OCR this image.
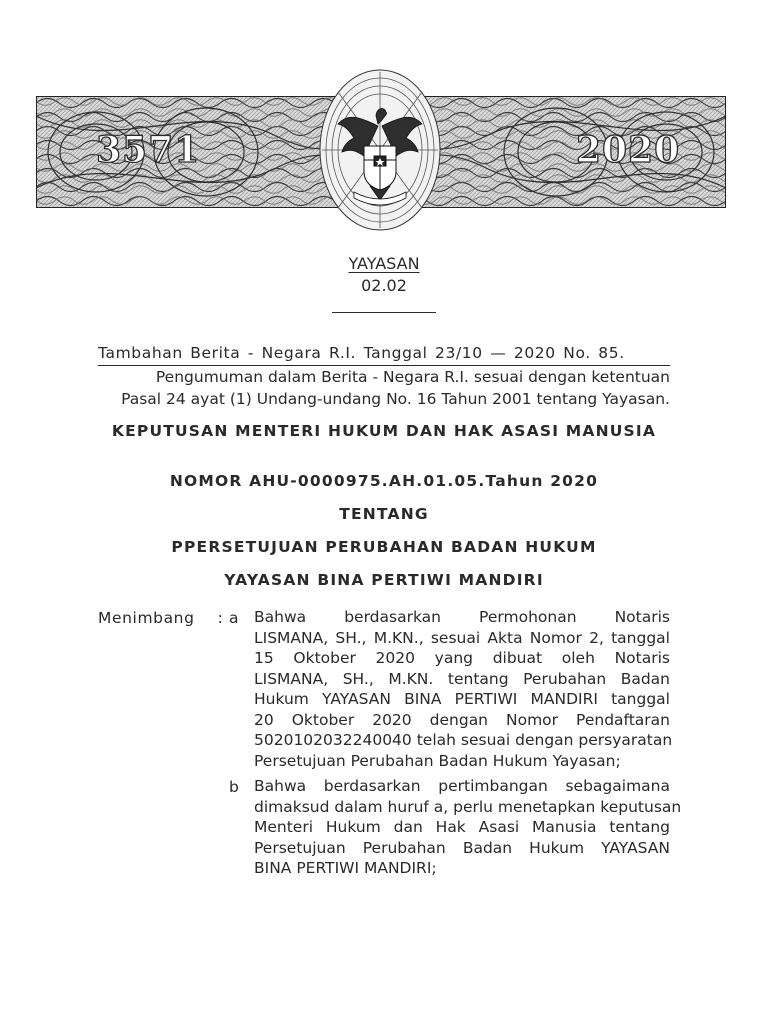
3571	2020
YAYASAN
02.02
Tambahan Berita - Negara R.I. Tanggal 23/10 — 2020 No. 85.
Pengumuman dalam Berita - Negara R.I. sesuai dengan ketentuan
Pasal 24 ayat (1) Undang-undang No. 16 Tahun 2001 tentang Yayasan.
KEPUTUSAN MENTERI HUKUM DAN HAK ASASI MANUSIA
NOMOR AHU-0000975.AH.01.05.Tahun 2020
TENTANG
PPERSETUJUAN PERUBAHAN BADAN HUKUM
YAYASAN BINA PERTIWI MANDIRI
Menimbang : a Bahwa berdasarkan Permohonan Notaris
LISMANA, SH., M.KN., sesuai Akta Nomor 2, tanggal
15 Oktober 2020 yang dibuat oleh Notaris
LISMANA, SH., M.KN. tentang Perubahan Badan
Hukum YAYASAN BINA PERTIWI MANDIRI tanggal
20 Oktober 2020 dengan Nomor Pendaftaran
5020102032240040 telah sesuai dengan persyaratan
Persetujuan Perubahan Badan Hukum Yayasan;
b Bahwa berdasarkan pertimbangan sebagaimana
dimaksud dalam huruf a, perlu menetapkan keputusan
Menteri Hukum dan Hak Asasi Manusia tentang
Persetujuan Perubahan Badan Hukum YAYASAN
BINA PERTIWI MANDIRI;
